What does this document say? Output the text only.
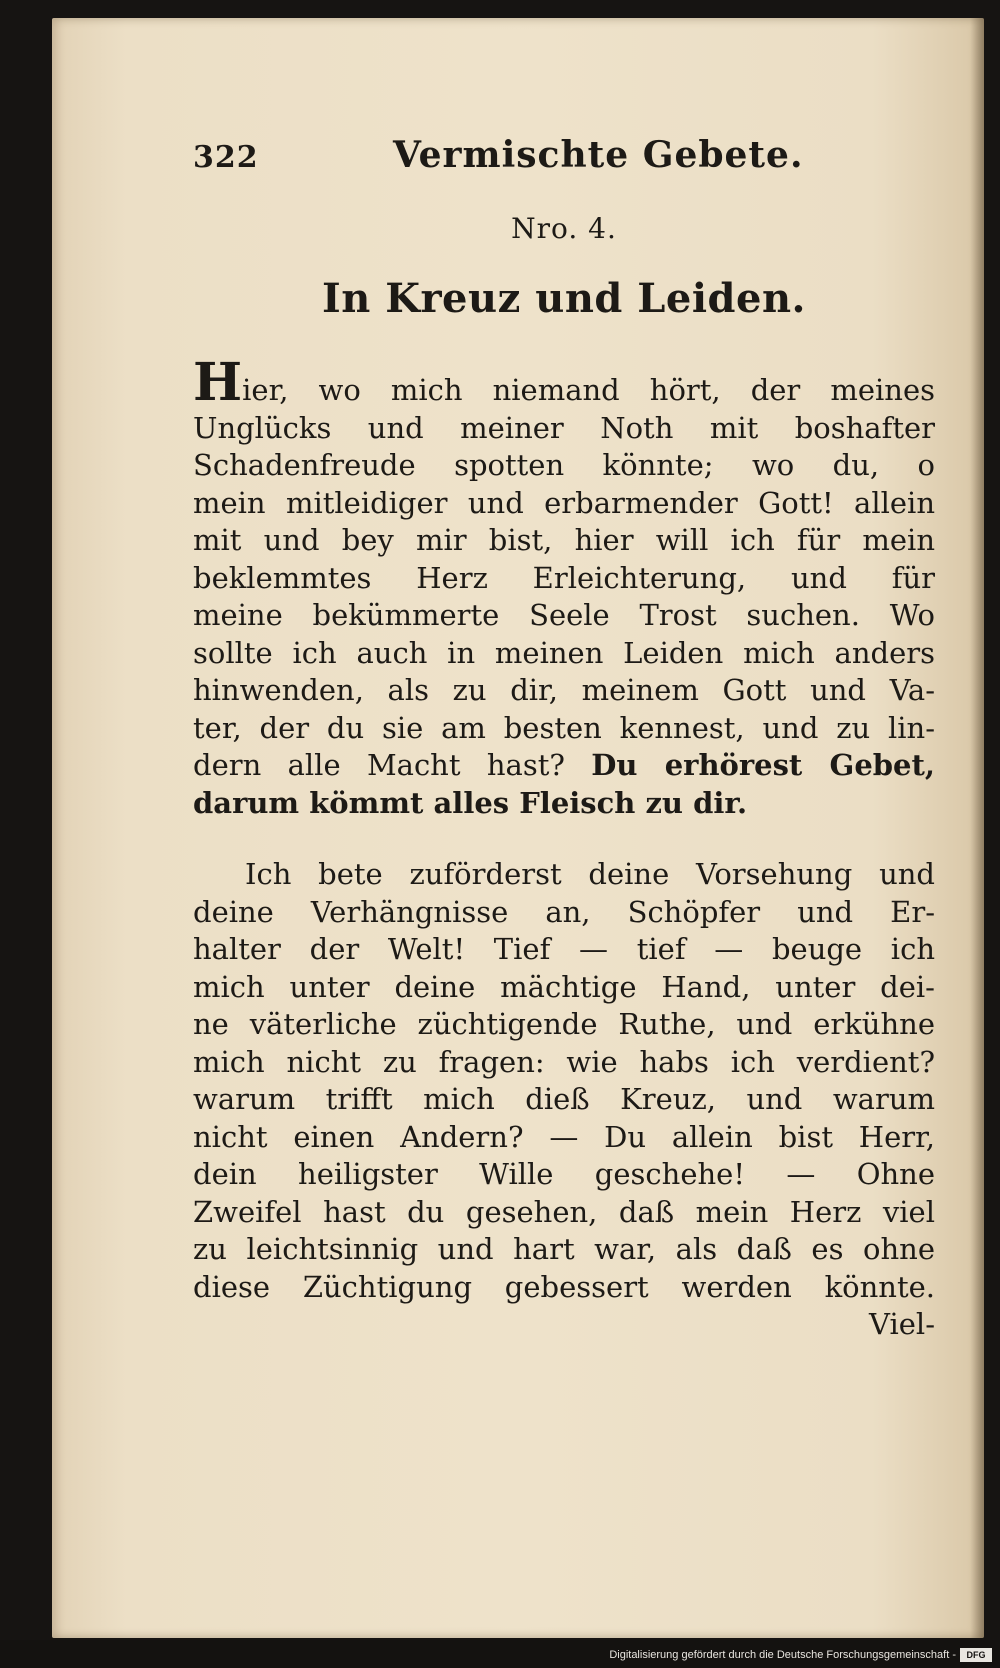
322	Vermischte Gebete.
Nro. 4.
In Kreuz und Leiden.
Hier, wo mich niemand hört, der meines
Unglücks und meiner Noth mit boshafter
Schadenfreude spotten könnte; wo du, o
mein mitleidiger und erbarmender Gott! allein
mit und bey mir bist, hier will ich für mein
beklemmtes Herz Erleichterung, und für
meine bekümmerte Seele Trost suchen. Wo
sollte ich auch in meinen Leiden mich anders
hinwenden, als zu dir, meinem Gott und Va-
ter, der du sie am besten kennest, und zu lin-
dern alle Macht hast? Du erhörest Gebet,
darum kömmt alles Fleisch zu dir.
Ich bete zuförderst deine Vorsehung und
deine Verhängnisse an, Schöpfer und Er-
halter der Welt! Tief — tief — beuge ich
mich unter deine mächtige Hand, unter dei-
ne väterliche züchtigende Ruthe, und erkühne
mich nicht zu fragen: wie habs ich verdient?
warum trifft mich dieß Kreuz, und warum
nicht einen Andern? — Du allein bist Herr,
dein heiligster Wille geschehe! — Ohne
Zweifel hast du gesehen, daß mein Herz viel
zu leichtsinnig und hart war, als daß es ohne
diese Züchtigung gebessert werden könnte.
Viel-
Digitalisierung gefördert durch die Deutsche Forschungsgemeinschaft -	DFG
